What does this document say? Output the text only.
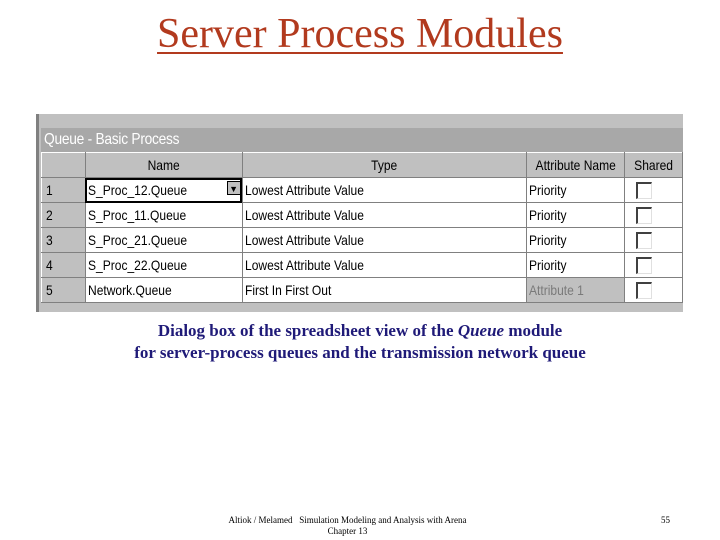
Server Process Modules
Queue - Basic Process
	Name	Type	Attribute Name	Shared
1	S_Proc_12.Queue ▼	Lowest Attribute Value	Priority	
2	S_Proc_11.Queue	Lowest Attribute Value	Priority	
3	S_Proc_21.Queue	Lowest Attribute Value	Priority	
4	S_Proc_22.Queue	Lowest Attribute Value	Priority	
5	Network.Queue	First In First Out	Attribute 1	
Dialog box of the spreadsheet view of the Queue module
for server-process queues and the transmission network queue
Altiok / Melamed   Simulation Modeling and Analysis with Arena
Chapter 13
55
